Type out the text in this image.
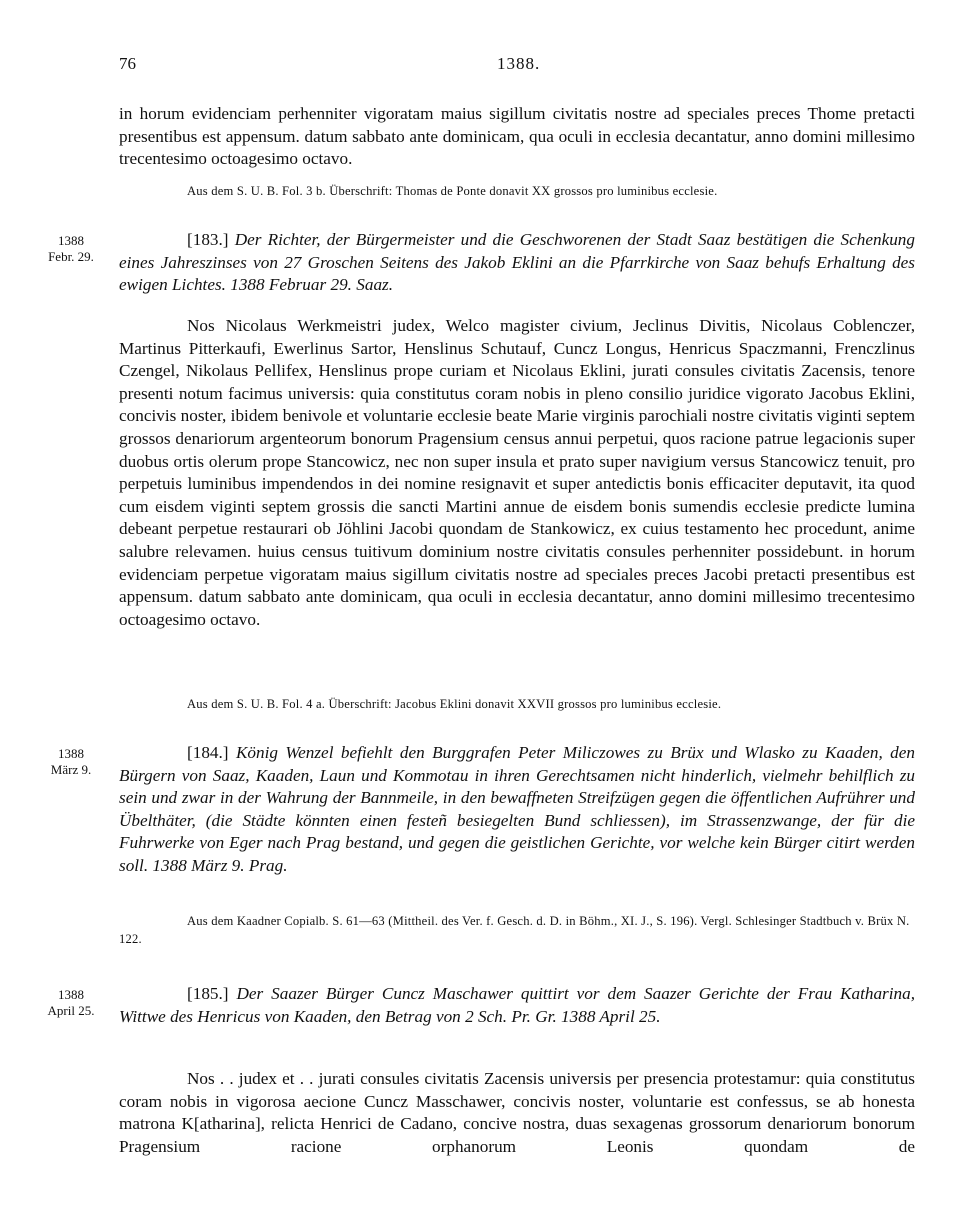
76	1388.

in horum evidenciam perhenniter vigoratam maius sigillum civitatis nostre ad speciales preces Thome pretacti presentibus est appensum. datum sabbato ante dominicam, qua oculi in ecclesia decantatur, anno domini millesimo trecentesimo octoagesimo octavo.

Aus dem S. U. B. Fol. 3 b. Überschrift: Thomas de Ponte donavit XX grossos pro luminibus ecclesie.

1388
Febr. 29.

[183.] Der Richter, der Bürgermeister und die Geschworenen der Stadt Saaz bestätigen die Schenkung eines Jahreszinses von 27 Groschen Seitens des Jakob Eklini an die Pfarrkirche von Saaz behufs Erhaltung des ewigen Lichtes. 1388 Februar 29. Saaz.

Nos Nicolaus Werkmeistri judex, Welco magister civium, Jeclinus Divitis, Nicolaus Coblenczer, Martinus Pitterkaufi, Ewerlinus Sartor, Henslinus Schutauf, Cuncz Longus, Henricus Spaczmanni, Frenczlinus Czengel, Nikolaus Pellifex, Henslinus prope curiam et Nicolaus Eklini, jurati consules civitatis Zacensis, tenore presenti notum facimus universis: quia constitutus coram nobis in pleno consilio juridice vigorato Jacobus Eklini, concivis noster, ibidem benivole et voluntarie ecclesie beate Marie virginis parochiali nostre civitatis viginti septem grossos denariorum argenteorum bonorum Pragensium census annui perpetui, quos racione patrue legacionis super duobus ortis olerum prope Stancowicz, nec non super insula et prato super navigium versus Stancowicz tenuit, pro perpetuis luminibus impendendos in dei nomine resignavit et super antedictis bonis efficaciter deputavit, ita quod cum eisdem viginti septem grossis die sancti Martini annue de eisdem bonis sumendis ecclesie predicte lumina debeant perpetue restaurari ob Jöhlini Jacobi quondam de Stankowicz, ex cuius testamento hec procedunt, anime salubre relevamen. huius census tuitivum dominium nostre civitatis consules perhenniter possidebunt. in horum evidenciam perpetue vigoratam maius sigillum civitatis nostre ad speciales preces Jacobi pretacti presentibus est appensum. datum sabbato ante dominicam, qua oculi in ecclesia decantatur, anno domini millesimo trecentesimo octoagesimo octavo.

Aus dem S. U. B. Fol. 4 a. Überschrift: Jacobus Eklini donavit XXVII grossos pro luminibus ecclesie.

1388
März 9.

[184.] König Wenzel befiehlt den Burggrafen Peter Miliczowes zu Brüx und Wlasko zu Kaaden, den Bürgern von Saaz, Kaaden, Laun und Kommotau in ihren Gerechtsamen nicht hinderlich, vielmehr behilflich zu sein und zwar in der Wahrung der Bannmeile, in den bewaffneten Streifzügen gegen die öffentlichen Aufrührer und Übelthäter, (die Städte könnten einen festeñ besiegelten Bund schliessen), im Strassenzwange, der für die Fuhrwerke von Eger nach Prag bestand, und gegen die geistlichen Gerichte, vor welche kein Bürger citirt werden soll. 1388 März 9. Prag.

Aus dem Kaadner Copialb. S. 61—63 (Mittheil. des Ver. f. Gesch. d. D. in Böhm., XI. J., S. 196). Vergl. Schlesinger Stadtbuch v. Brüx N. 122.

1388
April 25.

[185.] Der Saazer Bürger Cuncz Maschawer quittirt vor dem Saazer Gerichte der Frau Katharina, Wittwe des Henricus von Kaaden, den Betrag von 2 Sch. Pr. Gr. 1388 April 25.

Nos . . judex et . . jurati consules civitatis Zacensis universis per presencia protestamur: quia constitutus coram nobis in vigorosa aecione Cuncz Masschawer, concivis noster, voluntarie est confessus, se ab honesta matrona K[atharina], relicta Henrici de Cadano, concive nostra, duas sexagenas grossorum denariorum bonorum Pragensium racione orphanorum Leonis quondam de
